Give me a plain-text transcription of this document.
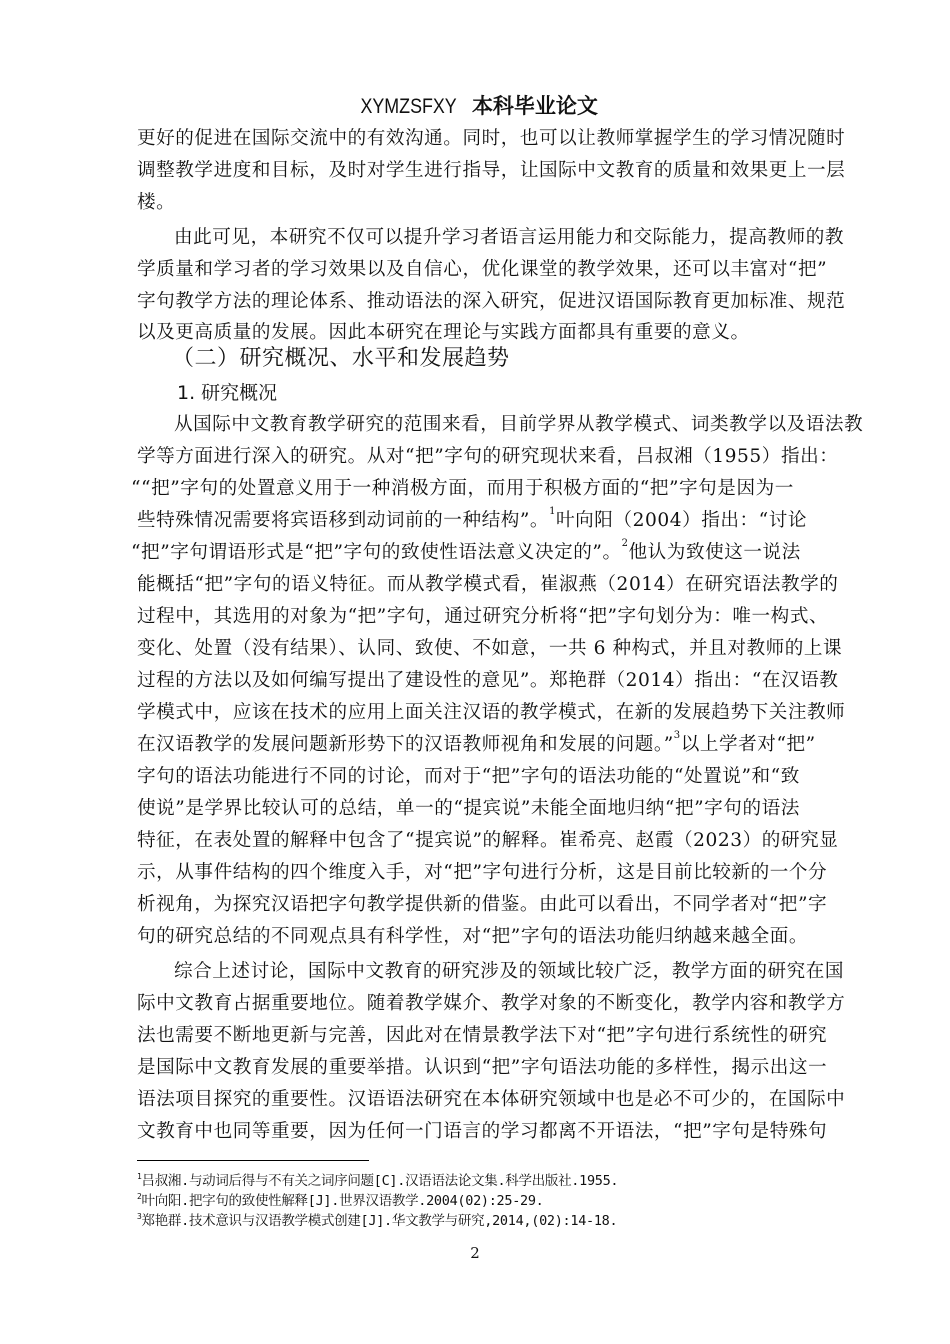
XYMZSFXY 本科毕业论文
更好的促进在国际交流中的有效沟通。同时，也可以让教师掌握学生的学习情况随时
调整教学进度和目标，及时对学生进行指导，让国际中文教育的质量和效果更上一层
楼。
由此可见，本研究不仅可以提升学习者语言运用能力和交际能力，提高教师的教
学质量和学习者的学习效果以及自信心，优化课堂的教学效果，还可以丰富对“把”
字句教学方法的理论体系、推动语法的深入研究，促进汉语国际教育更加标准、规范
以及更高质量的发展。因此本研究在理论与实践方面都具有重要的意义。
（二）研究概况、水平和发展趋势
1. 研究概况
从国际中文教育教学研究的范围来看，目前学界从教学模式、词类教学以及语法教
学等方面进行深入的研究。从对“把”字句的研究现状来看，吕叔湘（1955）指出：
““把”字句的处置意义用于一种消极方面，而用于积极方面的“把”字句是因为一
些特殊情况需要将宾语移到动词前的一种结构”。$^1$叶向阳（2004）指出：“讨论
“把”字句谓语形式是“把”字句的致使性语法意义决定的”。$^2$他认为致使这一说法
能概括“把”字句的语义特征。而从教学模式看，崔淑燕（2014）在研究语法教学的
过程中，其选用的对象为“把”字句，通过研究分析将“把”字句划分为：唯一构式、
变化、处置（没有结果）、认同、致使、不如意，一共 6 种构式，并且对教师的上课
过程的方法以及如何编写提出了建设性的意见”。郑艳群（2014）指出：“在汉语教
学模式中，应该在技术的应用上面关注汉语的教学模式，在新的发展趋势下关注教师
在汉语教学的发展问题新形势下的汉语教师视角和发展的问题。”$^3$以上学者对“把”
字句的语法功能进行不同的讨论，而对于“把”字句的语法功能的“处置说”和“致
使说”是学界比较认可的总结，单一的“提宾说”未能全面地归纳“把”字句的语法
特征，在表处置的解释中包含了“提宾说”的解释。崔希亮、赵霞（2023）的研究显
示，从事件结构的四个维度入手，对“把”字句进行分析，这是目前比较新的一个分
析视角，为探究汉语把字句教学提供新的借鉴。由此可以看出，不同学者对“把”字
句的研究总结的不同观点具有科学性，对“把”字句的语法功能归纳越来越全面。
综合上述讨论，国际中文教育的研究涉及的领域比较广泛，教学方面的研究在国
际中文教育占据重要地位。随着教学媒介、教学对象的不断变化，教学内容和教学方
法也需要不断地更新与完善，因此对在情景教学法下对“把”字句进行系统性的研究
是国际中文教育发展的重要举措。认识到“把”字句语法功能的多样性，揭示出这一
语法项目探究的重要性。汉语语法研究在本体研究领域中也是必不可少的，在国际中
文教育中也同等重要，因为任何一门语言的学习都离不开语法，“把”字句是特殊句
$^1$吕叔湘.与动词后得与不有关之词序问题[C].汉语语法论文集.科学出版社.1955.
$^2$叶向阳.把字句的致使性解释[J].世界汉语教学.2004(02):25-29.
$^3$郑艳群.技术意识与汉语教学模式创建[J].华文教学与研究,2014,(02):14-18.
2
